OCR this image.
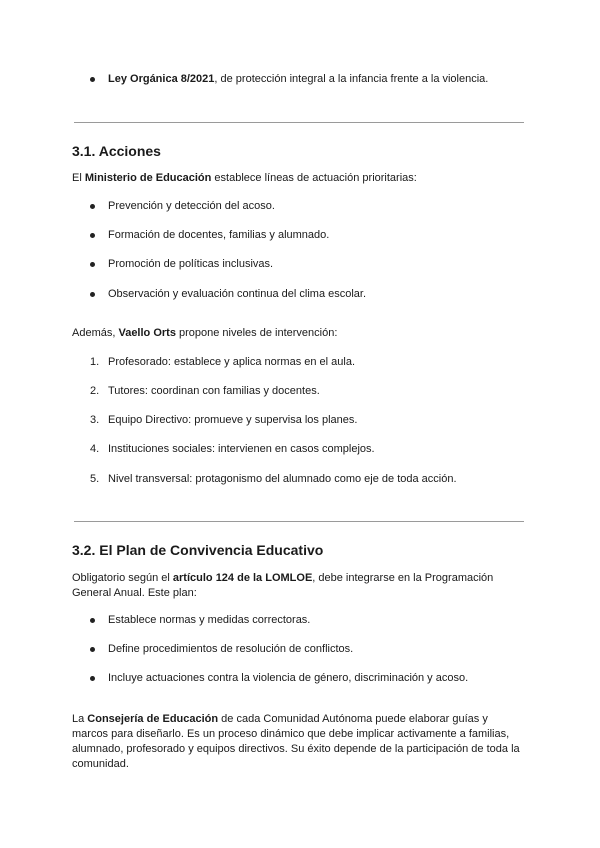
Ley Orgánica 8/2021, de protección integral a la infancia frente a la violencia.
3.1. Acciones
El Ministerio de Educación establece líneas de actuación prioritarias:
Prevención y detección del acoso.
Formación de docentes, familias y alumnado.
Promoción de políticas inclusivas.
Observación y evaluación continua del clima escolar.
Además, Vaello Orts propone niveles de intervención:
1. Profesorado: establece y aplica normas en el aula.
2. Tutores: coordinan con familias y docentes.
3. Equipo Directivo: promueve y supervisa los planes.
4. Instituciones sociales: intervienen en casos complejos.
5. Nivel transversal: protagonismo del alumnado como eje de toda acción.
3.2. El Plan de Convivencia Educativo
Obligatorio según el artículo 124 de la LOMLOE, debe integrarse en la Programación
General Anual. Este plan:
Establece normas y medidas correctoras.
Define procedimientos de resolución de conflictos.
Incluye actuaciones contra la violencia de género, discriminación y acoso.
La Consejería de Educación de cada Comunidad Autónoma puede elaborar guías y
marcos para diseñarlo. Es un proceso dinámico que debe implicar activamente a familias,
alumnado, profesorado y equipos directivos. Su éxito depende de la participación de toda la
comunidad.
